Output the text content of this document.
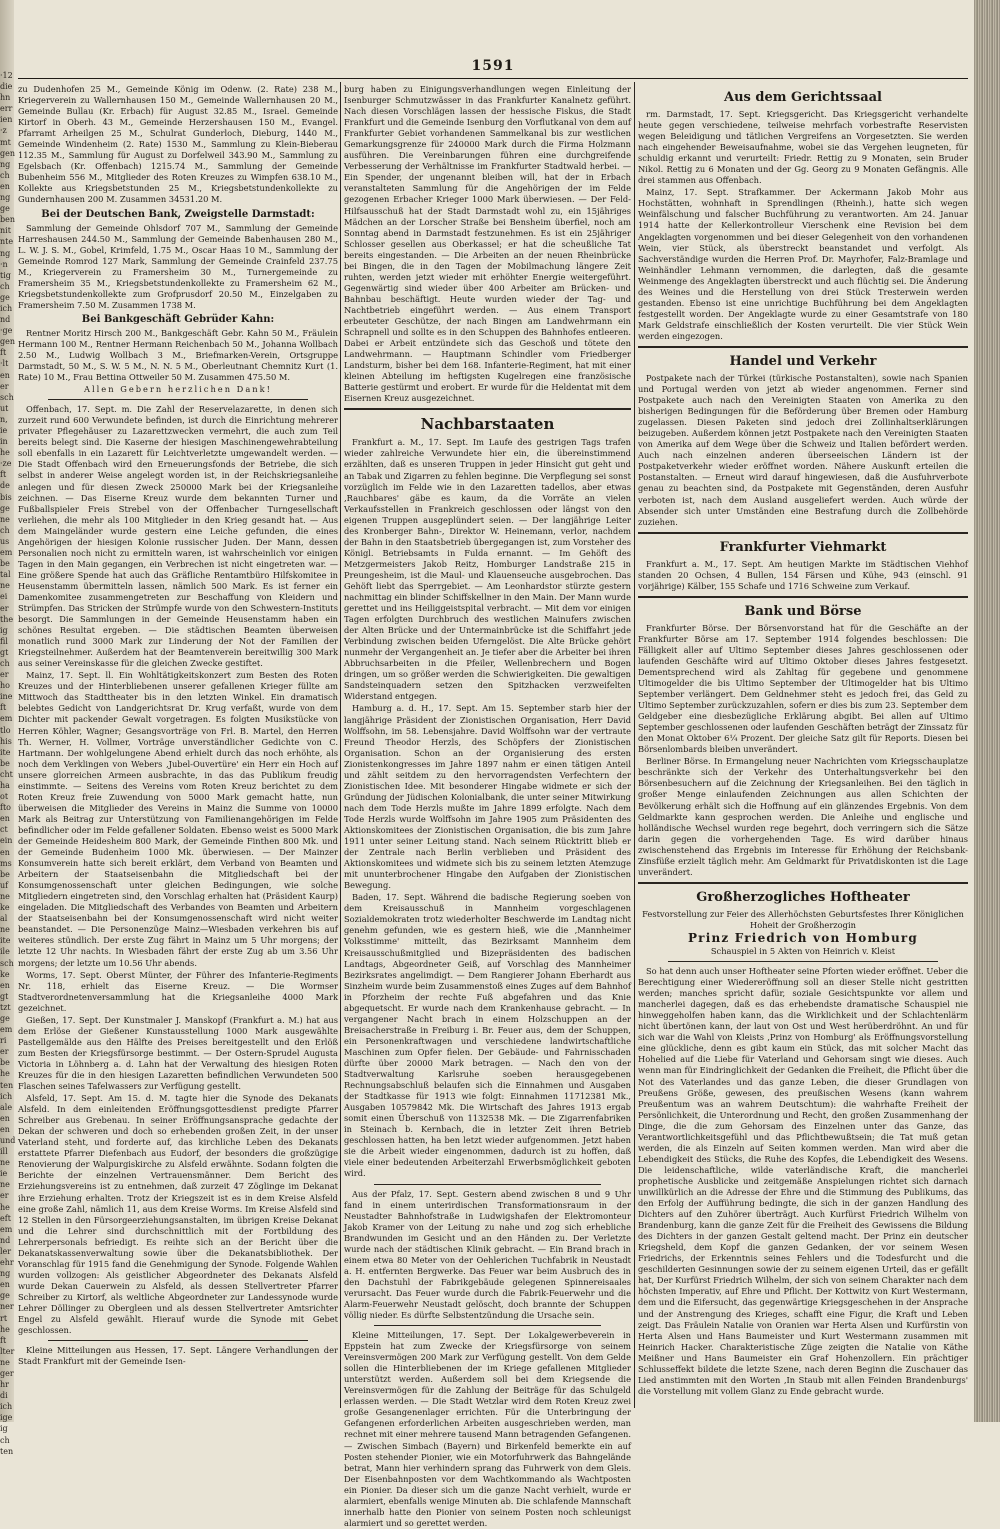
·12
die
hn
err
ien
·z
mt
gen
ng
ch
en
ng
ge
ben
nit
nte
ng
·n
tig
ch
ge
ich
nd
·ge
gen
ft
·lt
en
er
sch
ut
n,
ie
in
he
·ze
ft
de
bis
ge
ne
ch
us
em
be
tal
ne
ei
er
the
ig
fil
gt
ch
er
ho
ine
ft
em
tlo
his
ite
be
cht
ha
ot
fto
en
ct
ein
en
ms
be
uf
ne
ke
al
ne
ite
ile
sch
ke
en
gt
tzt
ge
em
ri
er
be
he
ten
ich
ale
en
en
und
ill
ne
ie
ne
er
he
eft
em
nd
ler
ehr
ng
en
ge
ner
rt
he
ft
lter
ne
ger
hr
di
ich
ige
ig
ch
ten
1591

zu Dudenhofen 25 M., Gemeinde König im Odenw. (2. Rate) 238 M., Kriegerverein zu Wallernhausen 150 M., Gemeinde Wallernhausen 20 M., Gemeinde Bullau (Kr. Erbach) für August 32.85 M., Israel. Gemeinde Kirtorf in Oberh. 43 M., Gemeinde Herzershausen 150 M., Evangel. Pfarramt Arheilgen 25 M., Schulrat Gunderloch, Dieburg, 1440 M., Gemeinde Windenheim (2. Rate) 1530 M., Sammlung zu Klein-Bieberau 112.35 M., Sammlung für August zu Dorfelweil 343.90 M., Sammlung zu Egelsbach (Kr. Offenbach) 1215.74 M., Sammlung der Gemeinde Bubenheim 556 M., Mitglieder des Roten Kreuzes zu Wimpfen 638.10 M., Kollekte aus Kriegsbetstunden 25 M., Kriegsbetstundenkollekte zu Gundernhausen 200 M. Zusammen 34531.20 M.

Bei der Deutschen Bank, Zweigstelle Darmstadt:

Sammlung der Gemeinde Ohlsdorf 707 M., Sammlung der Gemeinde Harreshausen 244.50 M., Sammlung der Gemeinde Babenhausen 280 M., L. W. J. S. M., Gobel, Krimfeld, 1.75 M., Oscar Haas 10 M., Sammlung der Gemeinde Romrod 127 Mark, Sammlung der Gemeinde Crainfeld 237.75 M., Kriegerverein zu Framersheim 30 M., Turnergemeinde zu Framersheim 35 M., Kriegsbetstundenkollekte zu Framersheim 62 M., Kriegsbetstundenkollekte zum Grofprusdorf 20.50 M., Einzelgaben zu Framersheim 7.50 M. Zusammen 1738 M.

Bei Bankgeschäft Gebrüder Kahn:

Rentner Moritz Hirsch 200 M., Bankgeschäft Gebr. Kahn 50 M., Fräulein Hermann 100 M., Rentner Hermann Reichenbach 50 M., Johanna Wollbach 2.50 M., Ludwig Wollbach 3 M., Briefmarken-Verein, Ortsgruppe Darmstadt, 50 M., S. W. 5 M., N. N. 5 M., Oberleutnant Chemnitz Kurt (1. Rate) 10 M., Frau Bettina Ottweiler 50 M. Zusammen 475.50 M.

Allen Gebern herzlichen Dank!

Offenbach, 17. Sept. m. Die Zahl der Reservelazarette, in denen sich zurzeit rund 600 Verwundete befinden, ist durch die Einrichtung mehrerer privater Pflegehäuser zu Lazarettzwecken vermehrt, die auch zum Teil bereits belegt sind. Die Kaserne der hiesigen Maschinengewehrabteilung soll ebenfalls in ein Lazarett für Leichtverletzte umgewandelt werden. — Die Stadt Offenbach wird den Erneuerungsfonds der Betriebe, die sich selbst in anderer Weise angelegt worden ist, in der Reichskriegsanleihe anlegen und für diesen Zweck 250000 Mark bei der Kriegsanleihe zeichnen. — Das Eiserne Kreuz wurde dem bekannten Turner und Fußballspieler Freis Strebel von der Offenbacher Turngesellschaft verliehen, die mehr als 100 Mitglieder in den Krieg gesandt hat. — Aus dem Maingeländer wurde gestern eine Leiche gefunden, die eines Angehörigen der hiesigen Kolonie russischer Juden. Der Mann, dessen Personalien noch nicht zu ermitteln waren, ist wahrscheinlich vor einigen Tagen in den Main gegangen, ein Verbrechen ist nicht eingetreten war. — Eine größere Spende hat auch das Gräfliche Rentamtbüro Hilfskomitee in Heusenstamm übermitteln lassen, nämlich 500 Mark. Es ist ferner ein Damenkomitee zusammengetreten zur Beschaffung von Kleidern und Strümpfen. Das Stricken der Strümpfe wurde von den Schwestern-Instituts besorgt. Die Sammlungen in der Gemeinde Heusenstamm haben ein schönes Resultat ergeben. — Die städtischen Beamten überweisen monatlich rund 3000 Mark zur Linderung der Not der Familien der Kriegsteilnehmer. Außerdem hat der Beamtenverein bereitwillig 300 Mark aus seiner Vereinskasse für die gleichen Zwecke gestiftet.

Mainz, 17. Sept. ll. Ein Wohltätigkeitskonzert zum Besten des Roten Kreuzes und der Hinterbliebenen unserer gefallenen Krieger füllte am Mittwoch das Stadttheater bis in den letzten Winkel. Ein dramatisch belebtes Gedicht von Landgerichtsrat Dr. Krug verfaßt, wurde von dem Dichter mit packender Gewalt vorgetragen. Es folgten Musikstücke von Herren Köhler, Wagner; Gesangsvorträge von Frl. B. Martel, den Herren Th. Werner, H. Vollmer, Vorträge unverständlicher Gedichte von C. Hartmann. Der wohlgelungene Abend erhielt durch das noch erhöhte, als noch dem Verklingen von Webers ‚Jubel-Ouvertüre' ein Herr ein Hoch auf unsere glorreichen Armeen ausbrachte, in das das Publikum freudig einstimmte. — Seitens des Vereins vom Roten Kreuz berichtet zu dem Roten Kreuz freie Zuwendung von 5000 Mark gemacht hatte, nun überweisen die Mitglieder des Vereins in Mainz die Summe von 10000 Mark als Beitrag zur Unterstützung von Familienangehörigen im Felde befindlicher oder im Felde gefallener Soldaten. Ebenso weist es 5000 Mark der Gemeinde Heidesheim 800 Mark, der Gemeinde Finthen 800 Mk. und der Gemeinde Budenheim 1000 Mk. überwiesen. — Der Mainzer Konsumverein hatte sich bereit erklärt, dem Verband von Beamten und Arbeitern der Staatseisenbahn die Mitgliedschaft bei der Konsumgenossenschaft unter gleichen Bedingungen, wie solche Mitgliedern eingetreten sind, den Vorschlag erhalten hat (Präsident Kaurp) eingeladen. Die Mitgliedschaft des Verbandes von Beamten und Arbeitern der Staatseisenbahn bei der Konsumgenossenschaft wird nicht weiter beanstandet. — Die Personenzüge Mainz—Wiesbaden verkehren bis auf weiteres stündlich. Der erste Zug fährt in Mainz um 5 Uhr morgens; der letzte 12 Uhr nachts. In Wiesbaden fährt der erste Zug ab um 3.56 Uhr morgens; der letzte um 10.56 Uhr abends.

Worms, 17. Sept. Oberst Münter, der Führer des Infanterie-Regiments Nr. 118, erhielt das Eiserne Kreuz. — Die Wormser Stadtverordnetenversammlung hat die Kriegsanleihe 4000 Mark gezeichnet.

Gießen, 17. Sept. Der Kunstmaler J. Manskopf (Frankfurt a. M.) hat aus dem Erlöse der Gießener Kunstausstellung 1000 Mark ausgewählte Pastellgemälde aus den Hälfte des Preises bereitgestellt und den Erlöß zum Besten der Kriegsfürsorge bestimmt. — Der Ostern-Sprudel Augusta Victoria in Löhnberg a. d. Lahn hat der Verwaltung des hiesigen Roten Kreuzes für die in den hiesigen Lazaretten befindlichen Verwundeten 500 Flaschen seines Tafelwassers zur Verfügung gestellt.

Alsfeld, 17. Sept. Am 15. d. M. tagte hier die Synode des Dekanats Alsfeld. In dem einleitenden Eröffnungsgottesdienst predigte Pfarrer Schreiber aus Grebenau. In seiner Eröffnungsansprache gedachte der Dekan der schweren und doch so erhebenden großen Zeit, in der unser Vaterland steht, und forderte auf, das kirchliche Leben des Dekanats erstattete Pfarrer Diefenbach aus Eudorf, der besonders die großzügige Renovierung der Walpurgiskirche zu Alsfeld erwähnte. Sodann folgten die Berichte der einzelnen Vertrauensmänner. Dem Bericht des Erziehungsvereins ist zu entnehmen, daß zurzeit 47 Zöglinge im Dekanat ihre Erziehung erhalten. Trotz der Kriegszeit ist es in dem Kreise Alsfeld eine große Zahl, nämlich 11, aus dem Kreise Worms. Im Kreise Alsfeld sind 12 Stellen in den Fürsorgeerziehungsanstalten, im übrigen Kreise Dekanat und die Lehrer sind durchschnittlich mit der Fortbildung des Lehrerpersonals befriedigt. Es reihte sich an der Bericht über die Dekanatskassenverwaltung sowie über die Dekanatsbibliothek. Der Voranschlag für 1915 fand die Genehmigung der Synode. Folgende Wahlen wurden vollzogen: Als geistlicher Abgeordneter des Dekanats Alsfeld wurde Dekan Cauerwein zu Alsfeld, als dessen Stellvertreter Pfarrer Schreiber zu Kirtorf, als weltliche Abgeordneter zur Landessynode wurde Lehrer Döllinger zu Obergleen und als dessen Stellvertreter Amtsrichter Engel zu Alsfeld gewählt. Hierauf wurde die Synode mit Gebet geschlossen.

Kleine Mitteilungen aus Hessen, 17. Sept. Längere Verhandlungen der Stadt Frankfurt mit der Gemeinde Isen-

burg haben zu Einigungsverhandlungen wegen Einleitung der Isenburger Schmutzwässer in das Frankfurter Kanalnetz geführt. Nach diesen Vorschlägen lassen der hessische Fiskus, die Stadt Frankfurt und die Gemeinde Isenburg den Vorflutkanal von dem auf Frankfurter Gebiet vorhandenen Sammelkanal bis zur westlichen Gemarkungsgrenze für 240000 Mark durch die Firma Holzmann ausführen. Die Vereinbarungen führen eine durchgreifende Verbesserung der Verhältnisse im Frankfurter Stadtwald herbei. — Ein Spender, der ungenannt bleiben will, hat der in Erbach veranstalteten Sammlung für die Angehörigen der im Felde gezogenen Erbacher Krieger 1000 Mark überwiesen. — Der Feld-Hilfsausschuß hat der Stadt Darmstadt wohl zu, ein 15jähriges Mädchen an der Lorscher Straße bei Bensheim überfiel, noch am Sonntag abend in Darmstadt festzunehmen. Es ist ein 25jähriger Schlosser gesellen aus Oberkassel; er hat die scheußliche Tat bereits eingestanden. — Die Arbeiten an der neuen Rheinbrücke bei Bingen, die in den Tagen der Mobilmachung längere Zeit ruhten, werden jetzt wieder mit erhöhter Energie weitergeführt. Gegenwärtig sind wieder über 400 Arbeiter am Brücken- und Bahnbau beschäftigt. Heute wurden wieder der Tag- und Nachtbetrieb eingeführt werden. — Aus einem Transport erbeuteter Geschütze, der nach Bingen am Landwehrmann ein Schrapnell und sollte es in den Schuppen des Bahnhofes entleeren. Dabei er Arbeit entzündete sich das Geschoß und tötete den Landwehrmann. — Hauptmann Schindler vom Friedberger Landsturm, bisher bei dem 168. Infanterie-Regiment, hat mit einer kleinen Abteilung im heftigsten Kugelregen eine französische Batterie gestürmt und erobert. Er wurde für die Heldentat mit dem Eisernen Kreuz ausgezeichnet.

Nachbarstaaten

Frankfurt a. M., 17. Sept. Im Laufe des gestrigen Tags trafen wieder zahlreiche Verwundete hier ein, die übereinstimmend erzählten, daß es unseren Truppen in jeder Hinsicht gut geht und an Tabak und Zigarren zu fehlen beginne. Die Verpflegung sei sonst vorzüglich im Felde wie in den Lazaretten tadellos, aber etwas ‚Rauchbares' gäbe es kaum, da die Vorräte an vielen Verkaufsstellen in Frankreich geschlossen oder längst von den eigenen Truppen ausgeplündert seien. — Der langjährige Leiter des Kronberger Bahn-, Direktor W. Heinemann, verlor, nachdem der Bahn in den Staatsbetrieb übergegangen ist, zum Vorsteher des Königl. Betriebsamts in Fulda ernannt. — Im Gehöft des Metzgermeisters Jakob Reitz, Homburger Landstraße 215 in Preungesheim, ist die Maul- und Klauenseuche ausgebrochen. Das Gehöft liebt das Sperrgebiet. — Am Leonhardstor stürzte gestern nachmittag ein blinder Schiffskellner in den Main. Der Mann wurde gerettet und ins Heiliggeistspital verbracht. — Mit dem vor einigen Tagen erfolgten Durchbruch des westlichen Mainufers zwischen der Alten Brücke und der Untermainbrücke ist die Schiffahrt jede Verbindung zwischen beiden Uferngelöst. Die Alte Brücke gehört nunmehr der Vergangenheit an. Je tiefer aber die Arbeiter bei ihren Abbruchsarbeiten in die Pfeiler, Wellenbrechern und Bogen dringen, um so größer werden die Schwierigkeiten. Die gewaltigen Sandsteinquadern setzen den Spitzhacken verzweifelten Widerstand entgegen.

Hamburg a. d. H., 17. Sept. Am 15. September starb hier der langjährige Präsident der Zionistischen Organisation, Herr David Wolffsohn, im 58. Lebensjahre. David Wolffsohn war der vertraute Freund Theodor Herzls, des Schöpfers der Zionistischen Organisation. Schon an der Organisierung des ersten Zionistenkongresses im Jahre 1897 nahm er einen tätigen Anteil und zählt seitdem zu den hervorragendsten Verfechtern der Zionistischen Idee. Mit besonderer Hingabe widmete er sich der Gründung der Jüdischen Kolonialbank, die unter seiner Mitwirkung nach dem Tode Herzls mußte im Jahre 1899 erfolgte. Nach dem Tode Herzls wurde Wolffsohn im Jahre 1905 zum Präsidenten des Aktionskomitees der Zionistischen Organisation, die bis zum Jahre 1911 unter seiner Leitung stand. Nach seinem Rücktritt blieb er der Zentrale nach Berlin verblieben und Präsident des Aktionskomitees und widmete sich bis zu seinem letzten Atemzuge mit ununterbrochener Hingabe den Aufgaben der Zionistischen Bewegung.

Baden, 17. Sept. Während die badische Regierung soeben von dem Kreisausschuß in Mannheim vorgeschlagenen Sozialdemokraten trotz wiederholter Beschwerde im Landtag nicht genehm gefunden, wie es gestern hieß, wie die ‚Mannheimer Volksstimme' mitteilt, das Bezirksamt Mannheim dem Kreisausschußmitglied und Bizepräsidenten des badischen Landtags, Abgeordneter Geiß, auf Vorschlag des Mannheimer Bezirksrates angelimdigt. — Dem Rangierer Johann Eberhardt aus Sinzheim wurde beim Zusammenstoß eines Zuges auf dem Bahnhof in Pforzheim der rechte Fuß abgefahren und das Knie abgequetscht. Er wurde nach dem Krankenhause gebracht. — In vergangener Nacht brach in einem Holzschuppen an der Breisacherstraße in Freiburg i. Br. Feuer aus, dem der Schuppen, ein Personenkraftwagen und verschiedene landwirtschaftliche Maschinen zum Opfer fielen. Der Gebäude- und Fahrnisschaden dürfte über 20000 Mark betragen. — Nach den von der Stadtverwaltung Karlsruhe soeben herausgegebenen Rechnungsabschluß belaufen sich die Einnahmen und Ausgaben der Stadtkasse für 1913 wie folgt: Einnahmen 11712381 Mk., Ausgaben 10579842 Mk. Die Wirtschaft des Jahres 1913 ergab somit einen Überschuß von 1132538 Mk. — Die Zigarrenfabriken in Steinach b. Kernbach, die in letzter Zeit ihren Betrieb geschlossen hatten, ha ben letzt wieder aufgenommen. Jetzt haben sie die Arbeit wieder eingenommen, dadurch ist zu hoffen, daß viele einer bedeutenden Arbeiterzahl Erwerbsmöglichkeit geboten wird.

Aus der Pfalz, 17. Sept. Gestern abend zwischen 8 und 9 Uhr fand in einem unterirdischen Transformationsraum in der Neustadter Bahnhofstraße in Ludwigshafen der Elektromonteur Jakob Kramer von der Leitung zu nahe und zog sich erhebliche Brandwunden im Gesicht und an den Händen zu. Der Verletzte wurde nach der städtischen Klinik gebracht. — Ein Brand brach in einem etwa 80 Meter von der Oehlerichen Tuchfabrik in Neustadt a. H. entfernten Bergwerke. Das Feuer war beim Ausbruch des in den Dachstuhl der Fabrikgebäude gelegenen Spinnereisaales verursacht. Das Feuer wurde durch die Fabrik-Feuerwehr und die Alarm-Feuerwehr Neustadt gelöscht, doch brannte der Schuppen völlig nieder. Es dürfte Selbstentzündung die Ursache sein.

Kleine Mitteilungen, 17. Sept. Der Lokalgewerbeverein in Eppstein hat zum Zwecke der Kriegsfürsorge von seinem Vereinsvermögen 200 Mark zur Verfügung gestellt. Von dem Gelde sollen die Hinterbliebenen der im Kriege gefallenen Mitglieder unterstützt werden. Außerdem soll bei dem Kriegsende die Vereinsvermögen für die Zahlung der Beiträge für das Schulgeld erlassen werden. — Die Stadt Wetzlar wird dem Roten Kreuz zwei große Gesangenenlager errichten. Für die Unterbringung der Gefangenen erforderlichen Arbeiten ausgeschrieben werden, man rechnet mit einer mehrere tausend Mann betragenden Gefangenen. — Zwischen Simbach (Bayern) und Birkenfeld bemerkte ein auf Posten stehender Pionier, wie ein Motorfuhrwerk das Bahngelände betrat, Mann hier verhindern sprang das Fuhrwerk von dem Gleis. Der Eisenbahnposten vor dem Wachtkommando als Wachtposten ein Pionier. Da dieser sich um die ganze Nacht verhielt, wurde er alarmiert, ebenfalls wenige Minuten ab. Die schlafende Mannschaft innerhalb hatte den Pionier von seinem Posten noch schleunigst alarmiert und so gerettet werden.

Aus dem Gerichtssaal

rm. Darmstadt, 17. Sept. Kriegsgericht. Das Kriegsgericht verhandelte heute gegen verschiedene, teilweise mehrfach vorbestrafte Reservisten wegen Beleidigung und tätlichen Vergreifens an Vorgesetzten. Sie werden nach eingehender Beweisaufnahme, wobei sie das Vergehen leugneten, für schuldig erkannt und verurteilt: Friedr. Rettig zu 9 Monaten, sein Bruder Nikol. Rettig zu 6 Monaten und der Gg. Georg zu 9 Monaten Gefängnis. Alle drei stammen aus Offenbach.

Mainz, 17. Sept. Strafkammer. Der Ackermann Jakob Mohr aus Hochstätten, wohnhaft in Sprendlingen (Rheinh.), hatte sich wegen Weinfälschung und falscher Buchführung zu verantworten. Am 24. Januar 1914 hatte der Kellerkontrolleur Vierschenk eine Revision bei dem Angeklagten vorgenommen und bei dieser Gelegenheit von den vorhandenen Wein, vier Stück, als überstreckt beanstandet und verfolgt. Als Sachverständige wurden die Herren Prof. Dr. Mayrhofer, Falz-Bramlage und Weinhändler Lehmann vernommen, die darlegten, daß die gesamte Weinmenge des Angeklagten überstreckt und auch flüchtig sei. Die Änderung des Weines und die Herstellung von drei Stück Tresterwein werden gestanden. Ebenso ist eine unrichtige Buchführung bei dem Angeklagten festgestellt worden. Der Angeklagte wurde zu einer Gesamtstrafe von 180 Mark Geldstrafe einschließlich der Kosten verurteilt. Die vier Stück Wein werden eingezogen.

Handel und Verkehr

Postpakete nach der Türkei (türkische Postanstalten), sowie nach Spanien und Portugal werden von jetzt ab wieder angenommen. Ferner sind Postpakete auch nach den Vereinigten Staaten von Amerika zu den bisherigen Bedingungen für die Beförderung über Bremen oder Hamburg zugelassen. Diesen Paketen sind jedoch drei Zollinhaltserklärungen beizugeben. Außerdem können jetzt Postpakete nach den Vereinigten Staaten von Amerika auf dem Wege über die Schweiz und Italien befördert werden. Auch nach einzelnen anderen überseeischen Ländern ist der Postpaketverkehr wieder eröffnet worden. Nähere Auskunft erteilen die Postanstalten. — Erneut wird darauf hingewiesen, daß die Ausfuhrverbote genau zu beachten sind, da Postpakete mit Gegenständen, deren Ausfuhr verboten ist, nach dem Ausland ausgeliefert werden. Auch würde der Absender sich unter Umständen eine Bestrafung durch die Zollbehörde zuziehen.

Frankfurter Viehmarkt

Frankfurt a. M., 17. Sept. Am heutigen Markte im Städtischen Viehhof standen 20 Ochsen, 4 Bullen, 154 Färsen und Kühe, 943 (einschl. 91 vorjährige) Kälber, 155 Schafe und 1716 Schweine zum Verkauf.

Bank und Börse

Frankfurter Börse. Der Börsenvorstand hat für die Geschäfte an der Frankfurter Börse am 17. September 1914 folgendes beschlossen: Die Fälligkeit aller auf Ultimo September dieses Jahres geschlossenen oder laufenden Geschäfte wird auf Ultimo Oktober dieses Jahres festgesetzt. Dementsprechend wird als Zahltag für gegebene und genommene Ultimogelder die bis Ultimo September der Ultimogelder hat bis Ultimo September verlängert. Dem Geldnehmer steht es jedoch frei, das Geld zu Ultimo September zurückzuzahlen, sofern er dies bis zum 23. September dem Geldgeber eine diesbezügliche Erklärung abgibt. Bei allen auf Ultimo September geschlossenen oder laufenden Geschäften beträgt der Zinssatz für den Monat Oktober 6¼ Prozent. Der gleiche Satz gilt für Reports. Diesen bei Börsenlombards bleiben unverändert.

Berliner Börse. In Ermangelung neuer Nachrichten vom Kriegsschauplatze beschränkte sich der Verkehr des Unterhaltungsverkehr bei den Börsenbesuchern auf die Zeichnung der Kriegsanleihen. Bei den täglich in großer Menge einlaufenden Zeichnungen aus allen Schichten der Bevölkerung erhält sich die Hoffnung auf ein glänzendes Ergebnis. Von dem Geldmarkte kann gesprochen werden. Die Anleihe und englische und holländische Wechsel wurden rege begehrt, doch verringern sich die Sätze darin gegen die vorhergehenden Tage. Es wird darüber hinaus zwischenstehend das Ergebnis im Interesse für Erhöhung der Reichsbank-Zinsfüße erzielt täglich mehr. Am Geldmarkt für Privatdiskonten ist die Lage unverändert.

Großherzogliches Hoftheater
Festvorstellung zur Feier des Allerhöchsten Geburtsfestes Ihrer Königlichen Hoheit der Großherzogin
Prinz Friedrich von Homburg
Schauspiel in 5 Akten von Heinrich v. Kleist

So hat denn auch unser Hoftheater seine Pforten wieder eröffnet. Ueber die Berechtigung einer Wiedereröffnung soll an dieser Stelle nicht gestritten werden; manches spricht dafür, soziale Gesichtspunkte vor allem und mancherlei dagegen, daß es das erhebendste dramatische Schauspiel nie hinweggeholfen haben kann, das die Wirklichkeit und der Schlachtenlärm nicht übertönen kann, der laut von Ost und West herüberdröhnt. An und für sich war die Wahl von Kleists ‚Prinz von Homburg' als Eröffnungsvorstellung eine glückliche, denn es gibt kaum ein Stück, das mit solcher Macht das Hohelied auf die Liebe für Vaterland und Gehorsam singt wie dieses. Auch wenn man für Eindringlichkeit der Gedanken die Freiheit, die Pflicht über die Not des Vaterlandes und das ganze Leben, die dieser Grundlagen von Preußens Größe, gewesen, des preußischen Wesens (kann wahrem Preußentum was an wahrem Deutschtum): die wahrhafte Freiheit der Persönlichkeit, die Unterordnung und Recht, den großen Zusammenhang der Dinge, die die zum Gehorsam des Einzelnen unter das Ganze, das Verantwortlichkeitsgefühl und das Pflichtbewußtsein; die Tat muß getan werden, die als Einzeln auf Seiten kommen werden. Man wird aber die Lebendigkeit des Stücks, die Ruhe des Kopfes, die Lebendigkeit des Wesens. Die leidenschaftliche, wilde vaterländische Kraft, die mancherlei prophetische Ausblicke und zeitgemäße Anspielungen richtet sich darnach unwillkürlich an die Adresse der Ehre und die Stimmung des Publikums, das den Erfolg der Aufführung bedingte, die sich in der ganzen Handlung des Dichters auf den Zuhörer überträgt. Auch Kurfürst Friedrich Wilhelm von Brandenburg, kann die ganze Zeit für die Freiheit des Gewissens die Bildung des Dichters in der ganzen Gestalt geltend macht. Der Prinz ein deutscher Kriegsheld, dem Kopf die ganzen Gedanken, der vor seinem Wesen Friedrichs, der Erkenntnis seines Fehlers und die Todesfurcht und die geschilderten Gesinnungen sowie der zu seinem eigenen Urteil, das er gefällt hat, Der Kurfürst Friedrich Wilhelm, der sich von seinem Charakter nach dem höchsten Imperativ, auf Ehre und Pflicht. Der Kottwitz von Kurt Westermann, dem und die Eifersucht, das gegenwärtige Kriegsgeschehen in der Ansprache und der Anstrengung des Krieges, schafft eine Figur, die Kraft und Leben zeigt. Das Fräulein Natalie von Oranien war Herta Alsen und Kurfürstin von Herta Alsen und Hans Baumeister und Kurt Westermann zusammen mit Heinrich Hacker. Charakteristische Züge zeigten die Natalie von Käthe Meißner und Hans Baumeister ein Graf Hohenzollern. Ein prächtiger Schlusseffekt bildete die letzte Szene, nach deren Beginn die Zuschauer das Lied anstimmten mit den Worten ‚In Staub mit allen Feinden Brandenburgs' die Vorstellung mit vollem Glanz zu Ende gebracht wurde.
